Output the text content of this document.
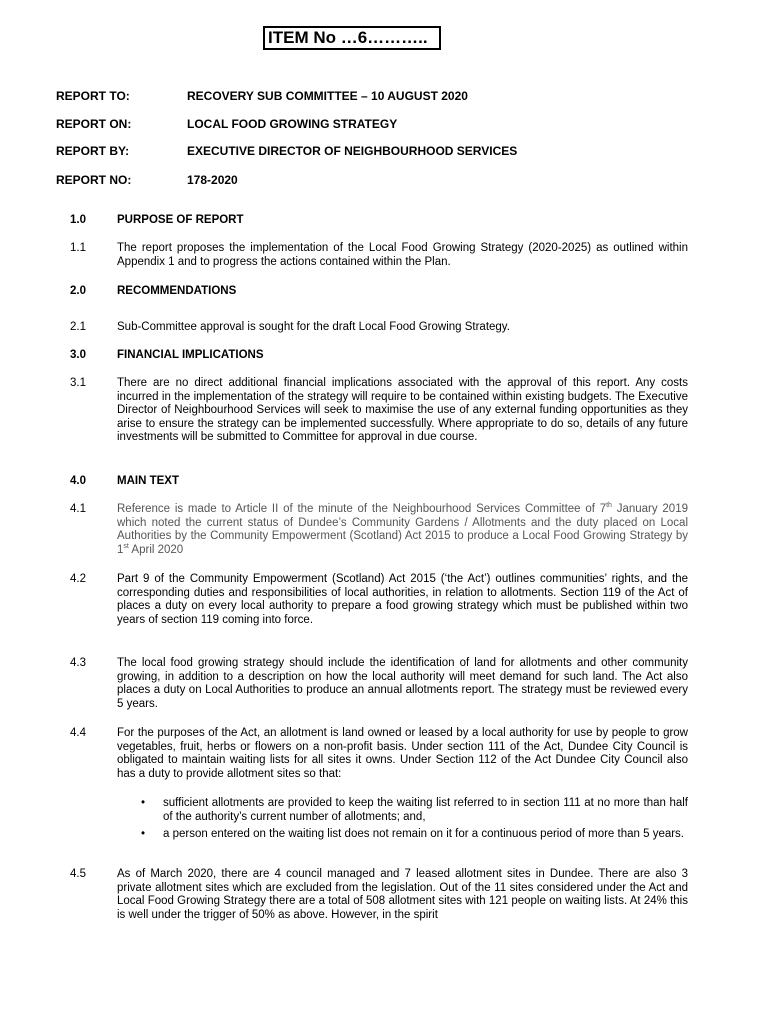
ITEM No …6………..
REPORT TO:	RECOVERY SUB COMMITTEE – 10 AUGUST 2020
REPORT ON:	LOCAL FOOD GROWING STRATEGY
REPORT BY:	EXECUTIVE DIRECTOR OF NEIGHBOURHOOD SERVICES
REPORT NO:	178-2020
1.0	PURPOSE OF REPORT
1.1	The report proposes the implementation of the Local Food Growing Strategy (2020-2025) as outlined within Appendix 1 and to progress the actions contained within the Plan.
2.0	RECOMMENDATIONS
2.1	Sub-Committee approval is sought for the draft Local Food Growing Strategy.
3.0	FINANCIAL IMPLICATIONS
3.1	There are no direct additional financial implications associated with the approval of this report. Any costs incurred in the implementation of the strategy will require to be contained within existing budgets. The Executive Director of Neighbourhood Services will seek to maximise the use of any external funding opportunities as they arise to ensure the strategy can be implemented successfully. Where appropriate to do so, details of any future investments will be submitted to Committee for approval in due course.
4.0	MAIN TEXT
4.1	Reference is made to Article II of the minute of the Neighbourhood Services Committee of 7th January 2019 which noted the current status of Dundee’s Community Gardens / Allotments and the duty placed on Local Authorities by the Community Empowerment (Scotland) Act 2015 to produce a Local Food Growing Strategy by 1st April 2020
4.2	Part 9 of the Community Empowerment (Scotland) Act 2015 (‘the Act’) outlines communities’ rights, and the corresponding duties and responsibilities of local authorities, in relation to allotments. Section 119 of the Act of places a duty on every local authority to prepare a food growing strategy which must be published within two years of section 119 coming into force.
4.3	The local food growing strategy should include the identification of land for allotments and other community growing, in addition to a description on how the local authority will meet demand for such land. The Act also places a duty on Local Authorities to produce an annual allotments report. The strategy must be reviewed every 5 years.
4.4	For the purposes of the Act, an allotment is land owned or leased by a local authority for use by people to grow vegetables, fruit, herbs or flowers on a non-profit basis. Under section 111 of the Act, Dundee City Council is obligated to maintain waiting lists for all sites it owns. Under Section 112 of the Act Dundee City Council also has a duty to provide allotment sites so that:
•	sufficient allotments are provided to keep the waiting list referred to in section 111 at no more than half of the authority’s current number of allotments; and,
•	a person entered on the waiting list does not remain on it for a continuous period of more than 5 years.
4.5	As of March 2020, there are 4 council managed and 7 leased allotment sites in Dundee. There are also 3 private allotment sites which are excluded from the legislation. Out of the 11 sites considered under the Act and Local Food Growing Strategy there are a total of 508 allotment sites with 121 people on waiting lists. At 24% this is well under the trigger of 50% as above. However, in the spirit
